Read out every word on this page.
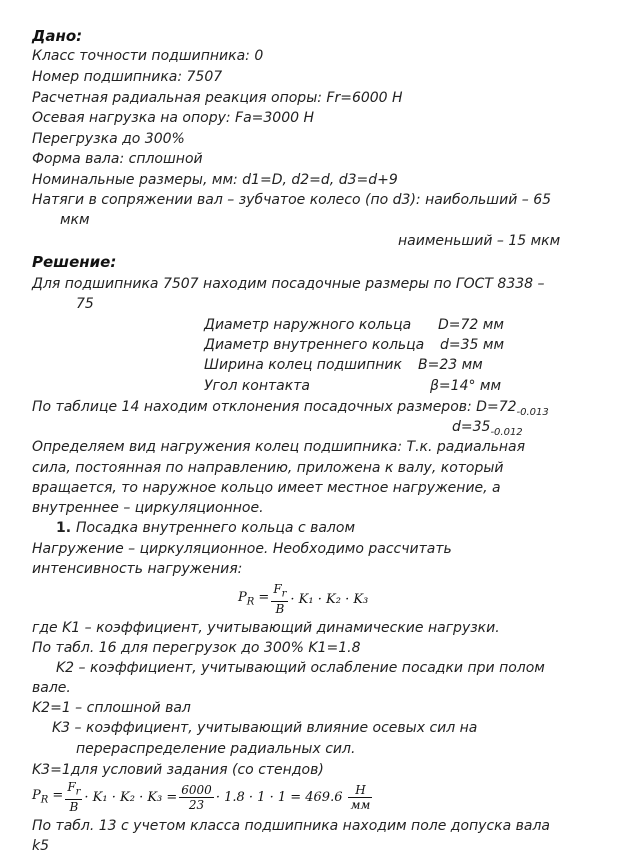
Дано:
Класс точности подшипника: 0
Номер подшипника: 7507
Расчетная радиальная реакция опоры: Fr=6000 Н
Осевая нагрузка на опору: Fa=3000 Н
Перегрузка до 300%
Форма вала: сплошной
Номинальные размеры, мм: d1=D, d2=d, d3=d+9
Натяги в сопряжении вал – зубчатое колесо (по d3): наибольший – 65
мкм
наименьший – 15 мкм
Решение:
Для подшипника 7507 находим посадочные размеры по ГОСТ 8338 –
75
Диаметр наружного кольца D=72 мм
Диаметр внутреннего кольца d=35 мм
Ширина колец подшипник B=23 мм
Угол контакта	β=14° мм
По таблице 14 находим отклонения посадочных размеров: $D=72_{-0.013}$
$d=35_{-0.012}$
Определяем вид нагружения колец подшипника: Т.к. радиальная
сила, постоянная по направлению, приложена к валу, который
вращается, то наружное кольцо имеет местное нагружение, а
внутреннее – циркуляционное.
1. Посадка внутреннего кольца с валом
Нагружение – циркуляционное. Необходимо рассчитать
интенсивность нагружения:
$P_R = \frac{F_r}{B} \cdot K_1 \cdot K_2 \cdot K_3$
где K1 – коэффициент, учитывающий динамические нагрузки.
По табл. 16 для перегрузок до 300% K1=1.8
K2 – коэффициент, учитывающий ослабление посадки при полом
вале.
K2=1 – сплошной вал
K3 – коэффициент, учитывающий влияние осевых сил на
перераспределение радиальных сил.
K3=1для условий задания (со стендов)
$P_R = \frac{F_r}{B} \cdot K_1 \cdot K_2 \cdot K_3 = \frac{6000}{23} \cdot 1.8 \cdot 1 \cdot 1 = 469.6$	Н
мм
По табл. 13 с учетом класса подшипника находим поле допуска вала
k5
